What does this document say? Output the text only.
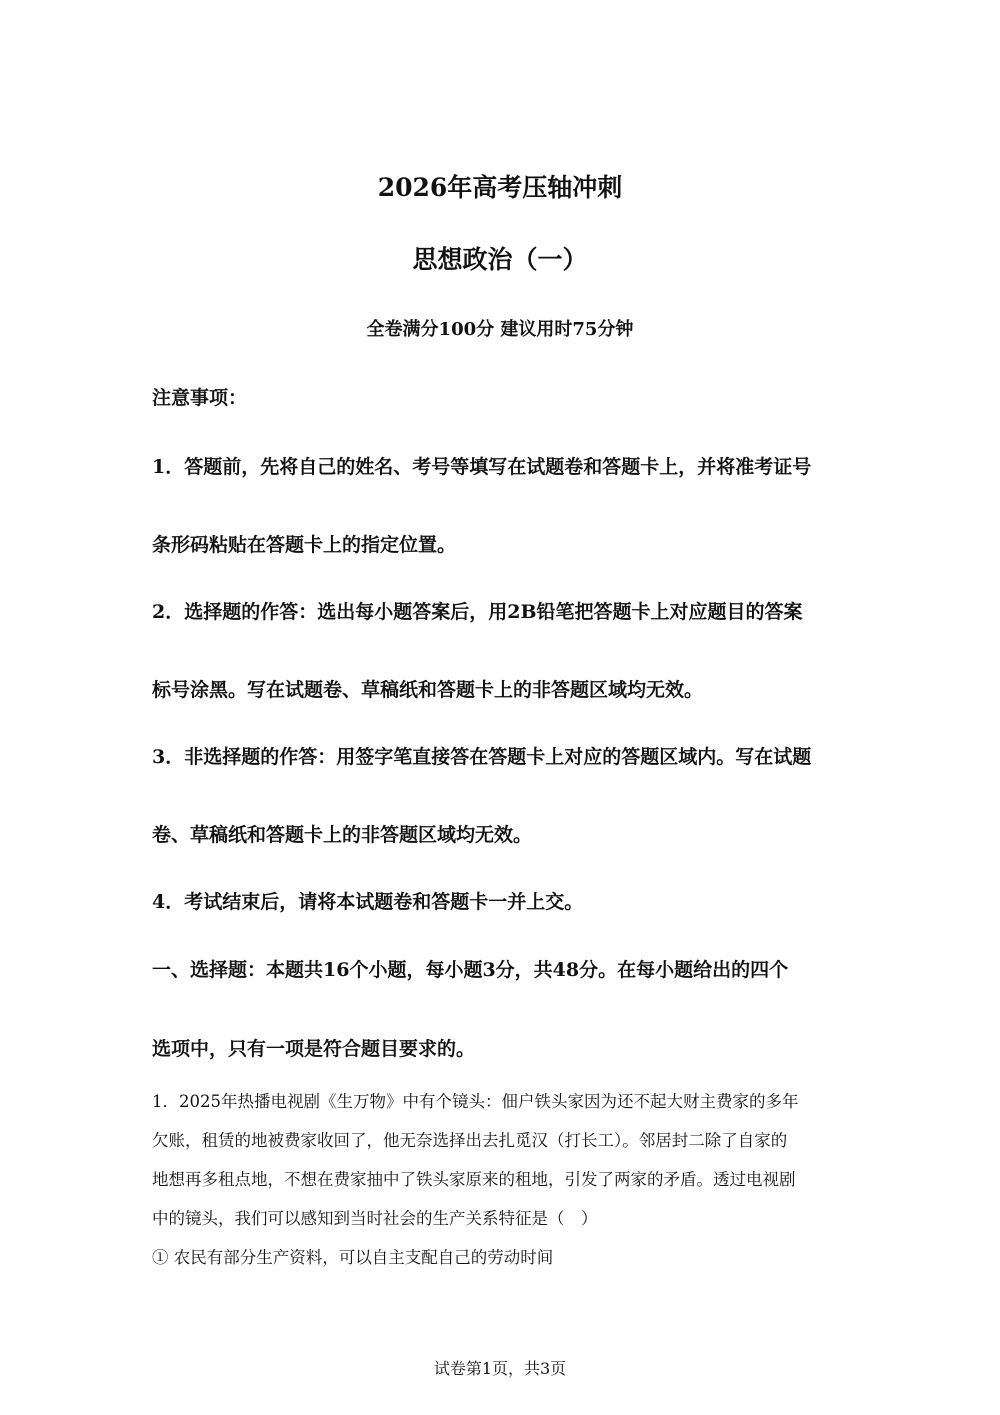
2026年高考压轴冲刺
思想政治（一）
全卷满分100分 建议用时75分钟
注意事项：
1．答题前，先将自己的姓名、考号等填写在试题卷和答题卡上，并将准考证号
条形码粘贴在答题卡上的指定位置。
2．选择题的作答：选出每小题答案后，用2B铅笔把答题卡上对应题目的答案
标号涂黑。写在试题卷、草稿纸和答题卡上的非答题区域均无效。
3．非选择题的作答：用签字笔直接答在答题卡上对应的答题区域内。写在试题
卷、草稿纸和答题卡上的非答题区域均无效。
4．考试结束后，请将本试题卷和答题卡一并上交。
一、选择题：本题共16个小题，每小题3分，共48分。在每小题给出的四个
选项中，只有一项是符合题目要求的。
1．2025年热播电视剧《生万物》中有个镜头：佃户铁头家因为还不起大财主费家的多年
欠账，租赁的地被费家收回了，他无奈选择出去扎觅汉（打长工）。邻居封二除了自家的
地想再多租点地，不想在费家抽中了铁头家原来的租地，引发了两家的矛盾。透过电视剧
中的镜头，我们可以感知到当时社会的生产关系特征是（　）
① 农民有部分生产资料，可以自主支配自己的劳动时间
试卷第1页，共3页
